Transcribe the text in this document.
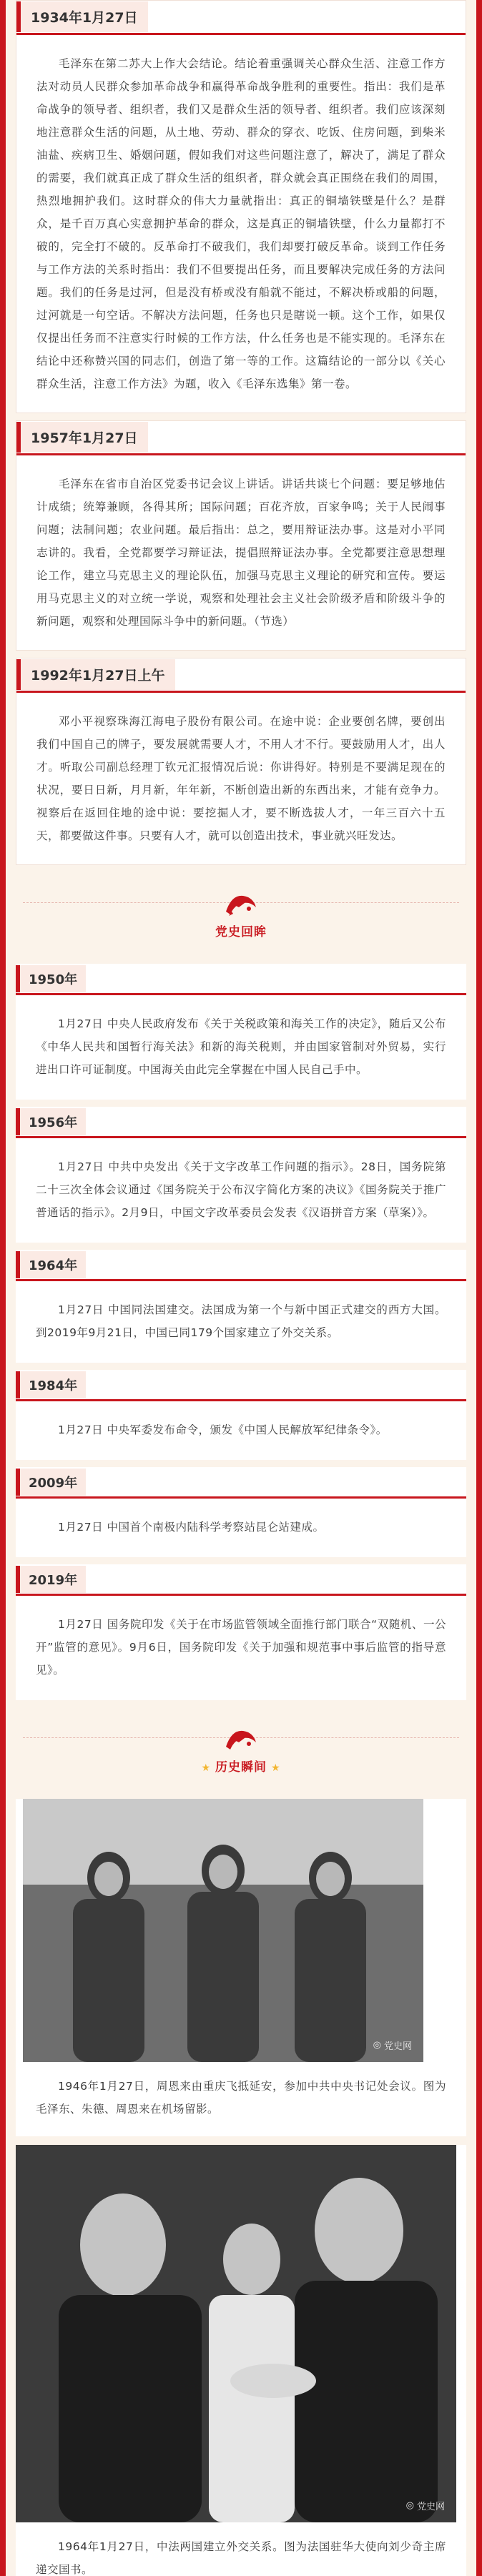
1934年1月27日

毛泽东在第二苏大上作大会结论。结论着重强调关心群众生活、注意工作方法对动员人民群众参加革命战争和赢得革命战争胜利的重要性。指出：我们是革命战争的领导者、组织者，我们又是群众生活的领导者、组织者。我们应该深刻地注意群众生活的问题，从土地、劳动、群众的穿衣、吃饭、住房问题，到柴米油盐、疾病卫生、婚姻问题，假如我们对这些问题注意了，解决了，满足了群众的需要，我们就真正成了群众生活的组织者，群众就会真正围绕在我们的周围，热烈地拥护我们。这时群众的伟大力量就指出：真正的铜墙铁壁是什么？是群众，是千百万真心实意拥护革命的群众，这是真正的铜墙铁壁，什么力量都打不破的，完全打不破的。反革命打不破我们，我们却要打破反革命。谈到工作任务与工作方法的关系时指出：我们不但要提出任务，而且要解决完成任务的方法问题。我们的任务是过河，但是没有桥或没有船就不能过，不解决桥或船的问题，过河就是一句空话。不解决方法问题，任务也只是瞎说一顿。这个工作，如果仅仅提出任务而不注意实行时候的工作方法，什么任务也是不能实现的。毛泽东在结论中还称赞兴国的同志们，创造了第一等的工作。这篇结论的一部分以《关心群众生活，注意工作方法》为题，收入《毛泽东选集》第一卷。

1957年1月27日

毛泽东在省市自治区党委书记会议上讲话。讲话共谈七个问题：要足够地估计成绩；统筹兼顾，各得其所；国际问题；百花齐放，百家争鸣；关于人民闹事问题；法制问题；农业问题。最后指出：总之，要用辩证法办事。这是对小平同志讲的。我看，全党都要学习辩证法，提倡照辩证法办事。全党都要注意思想理论工作，建立马克思主义的理论队伍，加强马克思主义理论的研究和宣传。要运用马克思主义的对立统一学说，观察和处理社会主义社会阶级矛盾和阶级斗争的新问题，观察和处理国际斗争中的新问题。（节选）

1992年1月27日上午

邓小平视察珠海江海电子股份有限公司。在途中说：企业要创名牌，要创出我们中国自己的牌子，要发展就需要人才，不用人才不行。要鼓励用人才，出人才。听取公司副总经理丁钦元汇报情况后说：你讲得好。特别是不要满足现在的状况，要日日新，月月新，年年新，不断创造出新的东西出来，才能有竞争力。视察后在返回住地的途中说：要挖掘人才，要不断选拔人才，一年三百六十五天，都要做这件事。只要有人才，就可以创造出技术，事业就兴旺发达。

党史回眸
1950年

1月27日 中央人民政府发布《关于关税政策和海关工作的决定》，随后又公布《中华人民共和国暂行海关法》和新的海关税则，并由国家管制对外贸易，实行进出口许可证制度。中国海关由此完全掌握在中国人民自己手中。

1956年

1月27日 中共中央发出《关于文字改革工作问题的指示》。28日，国务院第二十三次全体会议通过《国务院关于公布汉字简化方案的决议》《国务院关于推广普通话的指示》。2月9日，中国文字改革委员会发表《汉语拼音方案（草案）》。

1964年

1月27日 中国同法国建交。法国成为第一个与新中国正式建交的西方大国。到2019年9月21日，中国已同179个国家建立了外交关系。

1984年

1月27日 中央军委发布命令，颁发《中国人民解放军纪律条令》。

2009年

1月27日 中国首个南极内陆科学考察站昆仑站建成。

2019年

1月27日 国务院印发《关于在市场监管领域全面推行部门联合“双随机、一公开”监管的意见》。9月6日，国务院印发《关于加强和规范事中事后监管的指导意见》。

★ 历史瞬间 ★
◎ 党史网

1946年1月27日，周恩来由重庆飞抵延安，参加中共中央书记处会议。图为毛泽东、朱德、周恩来在机场留影。

◎ 党史网

1964年1月27日，中法两国建立外交关系。图为法国驻华大使向刘少奇主席递交国书。
